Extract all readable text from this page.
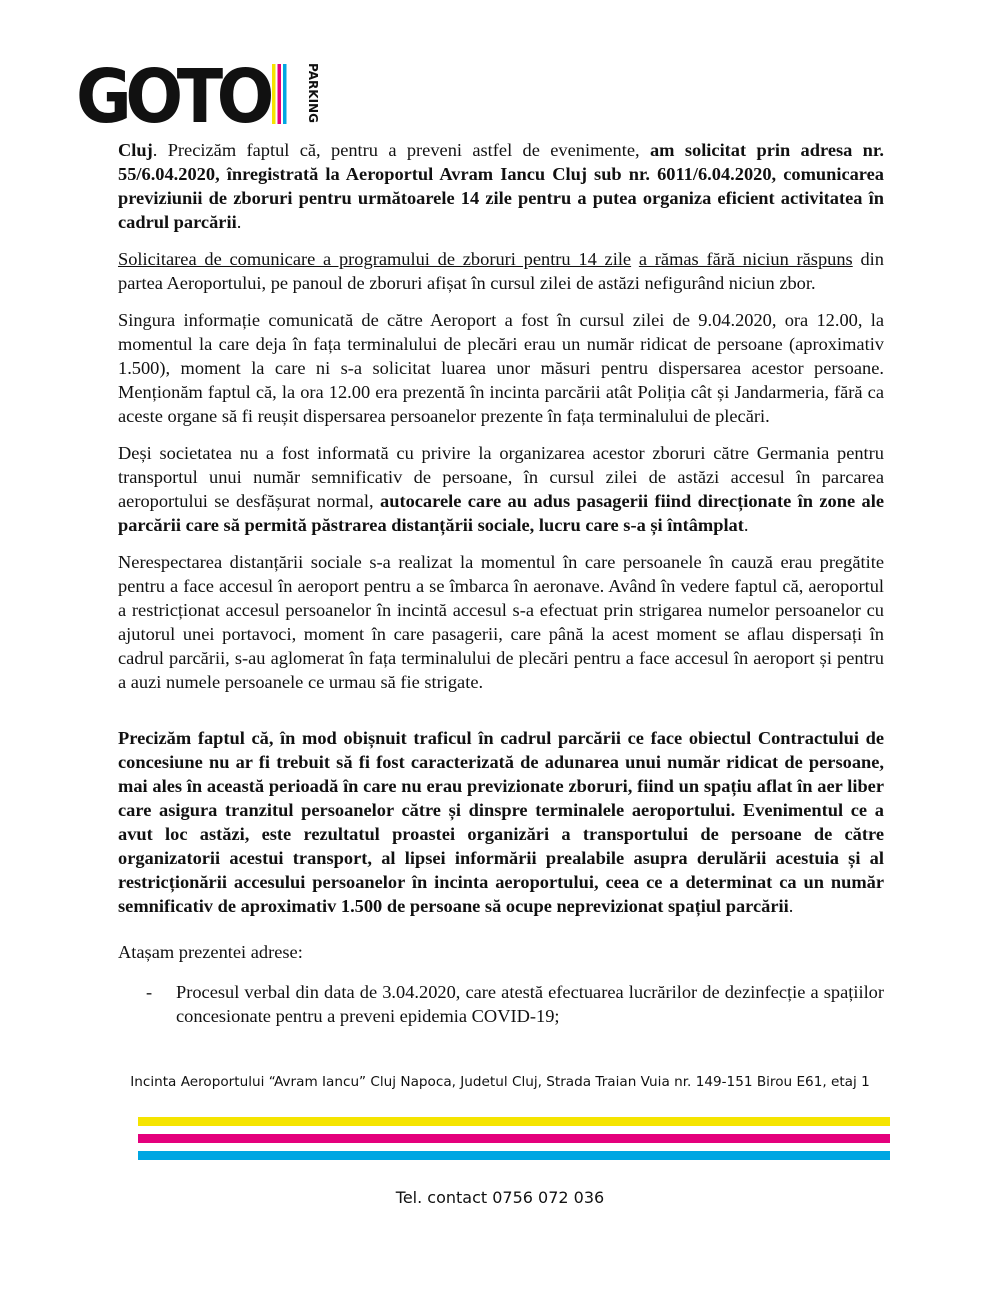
GOTO	PARKING

Cluj. Precizăm faptul că, pentru a preveni astfel de evenimente, am solicitat prin adresa nr. 55/6.04.2020, înregistrată la Aeroportul Avram Iancu Cluj sub nr. 6011/6.04.2020, comunicarea previziunii de zboruri pentru următoarele 14 zile pentru a putea organiza eficient activitatea în cadrul parcării.

Solicitarea de comunicare a programului de zboruri pentru 14 zile a rămas fără niciun răspuns din partea Aeroportului, pe panoul de zboruri afișat în cursul zilei de astăzi nefigurând niciun zbor.

Singura informație comunicată de către Aeroport a fost în cursul zilei de 9.04.2020, ora 12.00, la momentul la care deja în fața terminalului de plecări erau un număr ridicat de persoane (aproximativ 1.500), moment la care ni s-a solicitat luarea unor măsuri pentru dispersarea acestor persoane. Menționăm faptul că, la ora 12.00 era prezentă în incinta parcării atât Poliția cât și Jandarmeria, fără ca aceste organe să fi reușit dispersarea persoanelor prezente în fața terminalului de plecări.

Deși societatea nu a fost informată cu privire la organizarea acestor zboruri către Germania pentru transportul unui număr semnificativ de persoane, în cursul zilei de astăzi accesul în parcarea aeroportului se desfășurat normal, autocarele care au adus pasagerii fiind direcționate în zone ale parcării care să permită păstrarea distanțării sociale, lucru care s-a și întâmplat.

Nerespectarea distanțării sociale s-a realizat la momentul în care persoanele în cauză erau pregătite pentru a face accesul în aeroport pentru a se îmbarca în aeronave. Având în vedere faptul că, aeroportul a restricționat accesul persoanelor în incintă accesul s-a efectuat prin strigarea numelor persoanelor cu ajutorul unei portavoci, moment în care pasagerii, care până la acest moment se aflau dispersați în cadrul parcării, s-au aglomerat în fața terminalului de plecări pentru a face accesul în aeroport și pentru a auzi numele persoanele ce urmau să fie strigate.

Precizăm faptul că, în mod obișnuit traficul în cadrul parcării ce face obiectul Contractului de concesiune nu ar fi trebuit să fi fost caracterizată de adunarea unui număr ridicat de persoane, mai ales în această perioadă în care nu erau previzionate zboruri, fiind un spațiu aflat în aer liber care asigura tranzitul persoanelor către și dinspre terminalele aeroportului. Evenimentul ce a avut loc astăzi, este rezultatul proastei organizări a transportului de persoane de către organizatorii acestui transport, al lipsei informării prealabile asupra derulării acestuia și al restricționării accesului persoanelor în incinta aeroportului, ceea ce a determinat ca un număr semnificativ de aproximativ 1.500 de persoane să ocupe neprevizionat spațiul parcării.

Atașam prezentei adrese:

- Procesul verbal din data de 3.04.2020, care atestă efectuarea lucrărilor de dezinfecție a spațiilor concesionate pentru a preveni epidemia COVID-19;
Incinta Aeroportului “Avram Iancu” Cluj Napoca, Judetul Cluj, Strada Traian Vuia nr. 149-151 Birou E61, etaj 1
Tel. contact 0756 072 036
